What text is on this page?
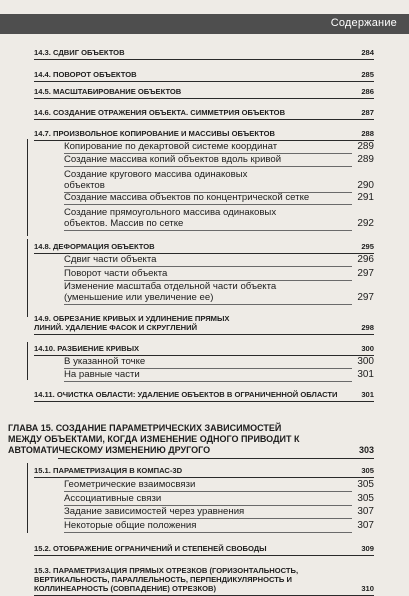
Содержание
14.3. СДВИГ ОБЪЕКТОВ	284
14.4. ПОВОРОТ ОБЪЕКТОВ	285
14.5. МАСШТАБИРОВАНИЕ ОБЪЕКТОВ	286
14.6. СОЗДАНИЕ ОТРАЖЕНИЯ ОБЪЕКТА. СИММЕТРИЯ ОБЪЕКТОВ	287
14.7. ПРОИЗВОЛЬНОЕ КОПИРОВАНИЕ И МАССИВЫ ОБЪЕКТОВ	288
Копирование по декартовой системе координат	289
Создание массива копий объектов вдоль кривой	289
Создание кругового массива одинаковых объектов	290
Создание массива объектов по концентрической сетке	291
Создание прямоугольного массива одинаковых объектов. Массив по сетке	292
14.8. ДЕФОРМАЦИЯ ОБЪЕКТОВ	295
Сдвиг части объекта	296
Поворот части объекта	297
Изменение масштаба отдельной части объекта (уменьшение или увеличение ее)	297
14.9. ОБРЕЗАНИЕ КРИВЫХ И УДЛИНЕНИЕ ПРЯМЫХ ЛИНИЙ. УДАЛЕНИЕ ФАСОК И СКРУГЛЕНИЙ	298
14.10. РАЗБИЕНИЕ КРИВЫХ	300
В указанной точке	300
На равные части	301
14.11. ОЧИСТКА ОБЛАСТИ: УДАЛЕНИЕ ОБЪЕКТОВ В ОГРАНИЧЕННОЙ ОБЛАСТИ	301
ГЛАВА 15. СОЗДАНИЕ ПАРАМЕТРИЧЕСКИХ ЗАВИСИМОСТЕЙ МЕЖДУ ОБЪЕКТАМИ, КОГДА ИЗМЕНЕНИЕ ОДНОГО ПРИВОДИТ К АВТОМАТИЧЕСКОМУ ИЗМЕНЕНИЮ ДРУГОГО	303
15.1. ПАРАМЕТРИЗАЦИЯ В КОМПАС-3D	305
Геометрические взаимосвязи	305
Ассоциативные связи	305
Задание зависимостей через уравнения	307
Некоторые общие положения	307
15.2. ОТОБРАЖЕНИЕ ОГРАНИЧЕНИЙ И СТЕПЕНЕЙ СВОБОДЫ	309
15.3. ПАРАМЕТРИЗАЦИЯ ПРЯМЫХ ОТРЕЗКОВ (ГОРИЗОНТАЛЬНОСТЬ, ВЕРТИКАЛЬНОСТЬ, ПАРАЛЛЕЛЬНОСТЬ, ПЕРПЕНДИКУЛЯРНОСТЬ И КОЛЛИНЕАРНОСТЬ (СОВПАДЕНИЕ) ОТРЕЗКОВ)	310
